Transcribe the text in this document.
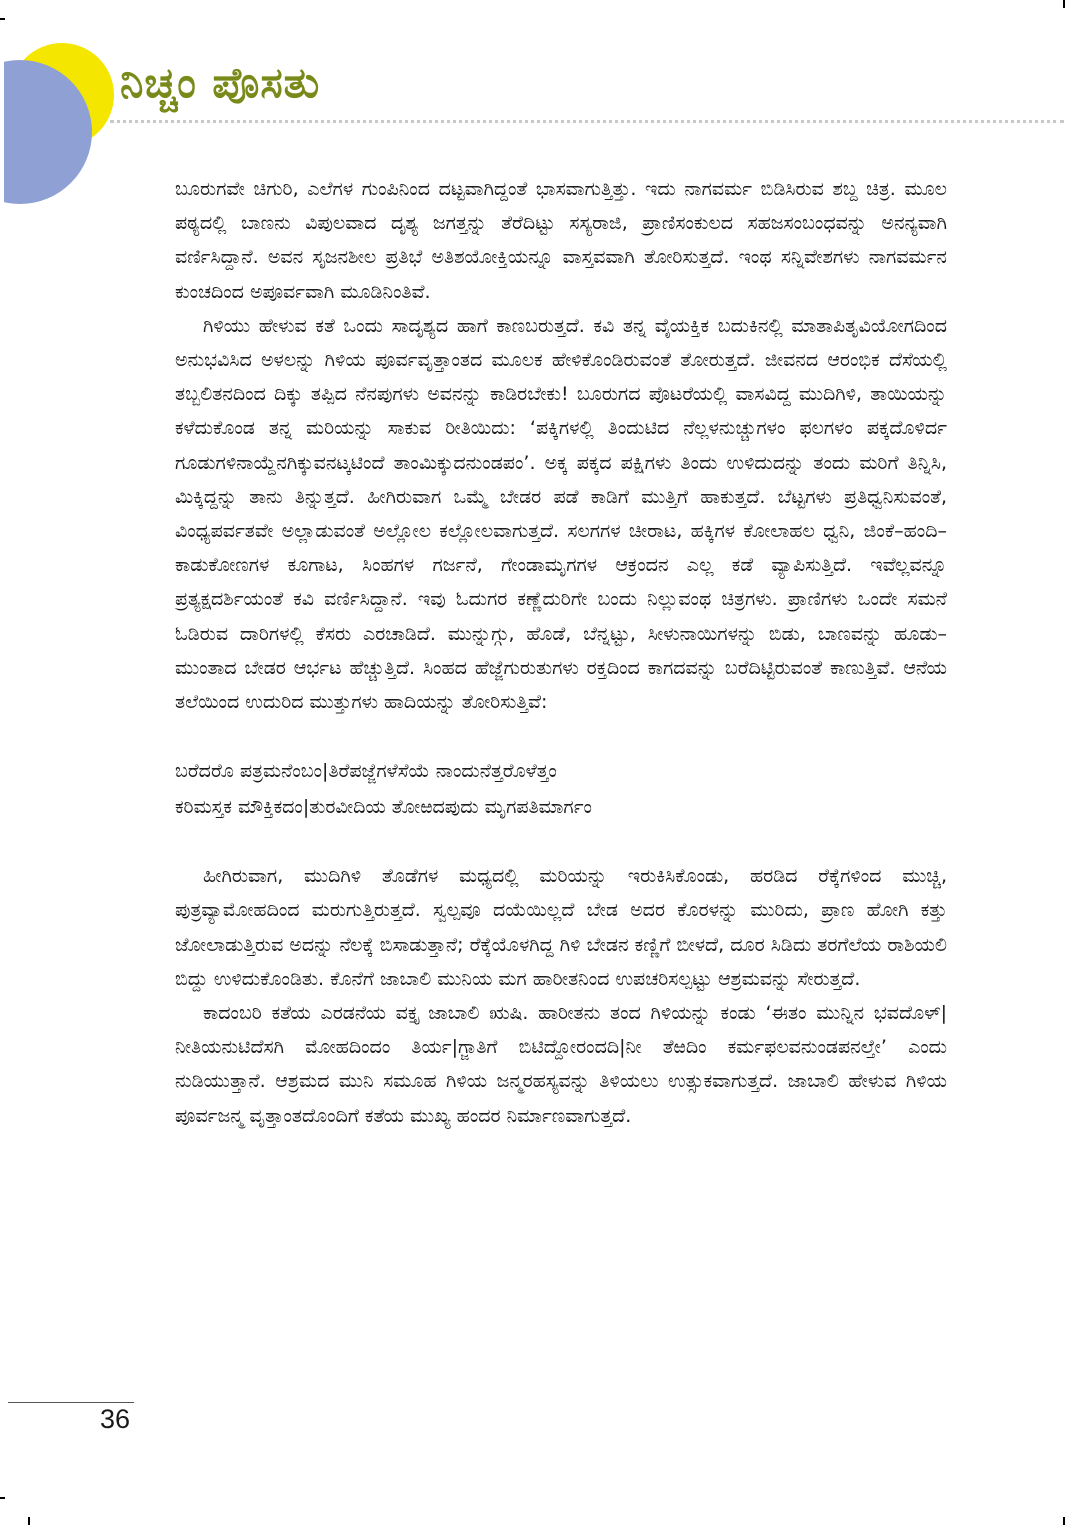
ನಿಚ್ಚಂ ಪೊಸತು

ಬೂರುಗವೇ ಚಿಗುರಿ, ಎಲೆಗಳ ಗುಂಪಿನಿಂದ ದಟ್ಟವಾಗಿದ್ದಂತೆ ಭಾಸವಾಗುತ್ತಿತ್ತು. ಇದು ನಾಗವರ್ಮ ಬಿಡಿಸಿರುವ ಶಬ್ದ ಚಿತ್ರ. ಮೂಲ ಪಠ್ಯದಲ್ಲಿ ಬಾಣನು ವಿಪುಲವಾದ ದೃಶ್ಯ ಜಗತ್ತನ್ನು ತೆರೆದಿಟ್ಟು ಸಸ್ಯರಾಜಿ, ಪ್ರಾಣಿಸಂಕುಲದ ಸಹಜಸಂಬಂಧವನ್ನು ಅನನ್ಯವಾಗಿ ವರ್ಣಿಸಿದ್ದಾನೆ. ಅವನ ಸೃಜನಶೀಲ ಪ್ರತಿಭೆ ಅತಿಶಯೋಕ್ತಿಯನ್ನೂ ವಾಸ್ತವವಾಗಿ ತೋರಿಸುತ್ತದೆ. ಇಂಥ ಸನ್ನಿವೇಶಗಳು ನಾಗವರ್ಮನ ಕುಂಚದಿಂದ ಅಪೂರ್ವವಾಗಿ ಮೂಡಿನಿಂತಿವೆ.

ಗಿಳಿಯು ಹೇಳುವ ಕತೆ ಒಂದು ಸಾದೃಶ್ಯದ ಹಾಗೆ ಕಾಣಬರುತ್ತದೆ. ಕವಿ ತನ್ನ ವೈಯಕ್ತಿಕ ಬದುಕಿನಲ್ಲಿ ಮಾತಾಪಿತೃವಿಯೋಗದಿಂದ ಅನುಭವಿಸಿದ ಅಳಲನ್ನು ಗಿಳಿಯ ಪೂರ್ವವೃತ್ತಾಂತದ ಮೂಲಕ ಹೇಳಿಕೊಂಡಿರುವಂತೆ ತೋರುತ್ತದೆ. ಜೀವನದ ಆರಂಭಿಕ ದೆಸೆಯಲ್ಲಿ ತಬ್ಬಲಿತನದಿಂದ ದಿಕ್ಕು ತಪ್ಪಿದ ನೆನಪುಗಳು ಅವನನ್ನು ಕಾಡಿರಬೇಕು! ಬೂರುಗದ ಪೊಟರೆಯಲ್ಲಿ ವಾಸವಿದ್ದ ಮುದಿಗಿಳಿ, ತಾಯಿಯನ್ನು ಕಳೆದುಕೊಂಡ ತನ್ನ ಮರಿಯನ್ನು ಸಾಕುವ ರೀತಿಯಿದು: ‘ಪಕ್ಕಿಗಳಲ್ಲಿ ತಿಂದುಟಿದ ನೆಲ್ಲಳನುಚ್ಚುಗಳಂ ಫಲಗಳಂ ಪಕ್ಕದೊಳಿರ್ದ ಗೂಡುಗಳಿನಾಯ್ದೆನಗಿಕ್ಕುವನಟ್ಕಟಿಂದೆ ತಾಂಮಿಕ್ಕುದನುಂಡಪಂ’. ಅಕ್ಕ ಪಕ್ಕದ ಪಕ್ಷಿಗಳು ತಿಂದು ಉಳಿದುದನ್ನು ತಂದು ಮರಿಗೆ ತಿನ್ನಿಸಿ, ಮಿಕ್ಕಿದ್ದನ್ನು ತಾನು ತಿನ್ನುತ್ತದೆ. ಹೀಗಿರುವಾಗ ಒಮ್ಮೆ ಬೇಡರ ಪಡೆ ಕಾಡಿಗೆ ಮುತ್ತಿಗೆ ಹಾಕುತ್ತದೆ. ಬೆಟ್ಟಗಳು ಪ್ರತಿಧ್ವನಿಸುವಂತೆ, ವಿಂಧ್ಯಪರ್ವತವೇ ಅಲ್ಲಾಡುವಂತೆ ಅಲ್ಲೋಲ ಕಲ್ಲೋಲವಾಗುತ್ತದೆ. ಸಲಗಗಳ ಚೀರಾಟ, ಹಕ್ಕಿಗಳ ಕೋಲಾಹಲ ಧ್ವನಿ, ಜಿಂಕೆ–ಹಂದಿ–ಕಾಡುಕೋಣಗಳ ಕೂಗಾಟ, ಸಿಂಹಗಳ ಗರ್ಜನೆ, ಗೇಂಡಾಮೃಗಗಳ ಆಕ್ರಂದನ ಎಲ್ಲ ಕಡೆ ವ್ಯಾಪಿಸುತ್ತಿದೆ. ಇವೆಲ್ಲವನ್ನೂ ಪ್ರತ್ಯಕ್ಷದರ್ಶಿಯಂತೆ ಕವಿ ವರ್ಣಿಸಿದ್ದಾನೆ. ಇವು ಓದುಗರ ಕಣ್ಣೆದುರಿಗೇ ಬಂದು ನಿಲ್ಲುವಂಥ ಚಿತ್ರಗಳು. ಪ್ರಾಣಿಗಳು ಒಂದೇ ಸಮನೆ ಓಡಿರುವ ದಾರಿಗಳಲ್ಲಿ ಕೆಸರು ಎರಚಾಡಿದೆ. ಮುನ್ನುಗ್ಗು, ಹೊಡೆ, ಬೆನ್ನಟ್ಟು, ಸೀಳುನಾಯಿಗಳನ್ನು ಬಿಡು, ಬಾಣವನ್ನು ಹೂಡು–ಮುಂತಾದ ಬೇಡರ ಆರ್ಭಟ ಹೆಚ್ಚುತ್ತಿದೆ. ಸಿಂಹದ ಹೆಜ್ಜೆಗುರುತುಗಳು ರಕ್ತದಿಂದ ಕಾಗದವನ್ನು ಬರೆದಿಟ್ಟಿರುವಂತೆ ಕಾಣುತ್ತಿವೆ. ಆನೆಯ ತಲೆಯಿಂದ ಉದುರಿದ ಮುತ್ತುಗಳು ಹಾದಿಯನ್ನು ತೋರಿಸುತ್ತಿವೆ:

ಬರೆದರೊ ಪತ್ರಮನೆಂಬಂ|ತಿರೆಪಜ್ಜೆಗಳೆಸೆಯೆ ನಾಂದುನೆತ್ತರೊಳೆತ್ತಂ
ಕರಿಮಸ್ತಕ ಮೌಕ್ತಿಕದಂ|ತುರವೀದಿಯ ತೋಱದಪುದು ಮೃಗಪತಿಮಾರ್ಗಂ

ಹೀಗಿರುವಾಗ, ಮುದಿಗಿಳಿ ತೊಡೆಗಳ ಮಧ್ಯದಲ್ಲಿ ಮರಿಯನ್ನು ಇರುಕಿಸಿಕೊಂಡು, ಹರಡಿದ ರೆಕ್ಕೆಗಳಿಂದ ಮುಚ್ಚಿ, ಪುತ್ರವ್ಯಾಮೋಹದಿಂದ ಮರುಗುತ್ತಿರುತ್ತದೆ. ಸ್ವಲ್ಪವೂ ದಯೆಯಿಲ್ಲದೆ ಬೇಡ ಅದರ ಕೊರಳನ್ನು ಮುರಿದು, ಪ್ರಾಣ ಹೋಗಿ ಕತ್ತು ಜೋಲಾಡುತ್ತಿರುವ ಅದನ್ನು ನೆಲಕ್ಕೆ ಬಿಸಾಡುತ್ತಾನೆ; ರೆಕ್ಕೆಯೊಳಗಿದ್ದ ಗಿಳಿ ಬೇಡನ ಕಣ್ಣಿಗೆ ಬೀಳದೆ, ದೂರ ಸಿಡಿದು ತರಗೆಲೆಯ ರಾಶಿಯಲಿ ಬಿದ್ದು ಉಳಿದುಕೊಂಡಿತು. ಕೊನೆಗೆ ಜಾಬಾಲಿ ಮುನಿಯ ಮಗ ಹಾರೀತನಿಂದ ಉಪಚರಿಸಲ್ಪಟ್ಟು ಆಶ್ರಮವನ್ನು ಸೇರುತ್ತದೆ.

ಕಾದಂಬರಿ ಕತೆಯ ಎರಡನೆಯ ವಕ್ತೃ ಜಾಬಾಲಿ ಋಷಿ. ಹಾರೀತನು ತಂದ ಗಿಳಿಯನ್ನು ಕಂಡು ‘ಈತಂ ಮುನ್ನಿನ ಭವದೊಳ್|ನೀತಿಯನುಟಿದೆಸಗಿ ಮೋಹದಿಂದಂ ತಿರ್ಯ|ಗ್ಜಾತಿಗೆ ಬಿಟಿದ್ದೋರಂದದಿ|ನೀ ತೆಱದಿಂ ಕರ್ಮಫಲವನುಂಡಪನಲ್ತೇ’ ಎಂದು ನುಡಿಯುತ್ತಾನೆ. ಆಶ್ರಮದ ಮುನಿ ಸಮೂಹ ಗಿಳಿಯ ಜನ್ಮರಹಸ್ಯವನ್ನು ತಿಳಿಯಲು ಉತ್ಸುಕವಾಗುತ್ತದೆ. ಜಾಬಾಲಿ ಹೇಳುವ ಗಿಳಿಯ ಪೂರ್ವಜನ್ಮ ವೃತ್ತಾಂತದೊಂದಿಗೆ ಕತೆಯ ಮುಖ್ಯ ಹಂದರ ನಿರ್ಮಾಣವಾಗುತ್ತದೆ.

36
